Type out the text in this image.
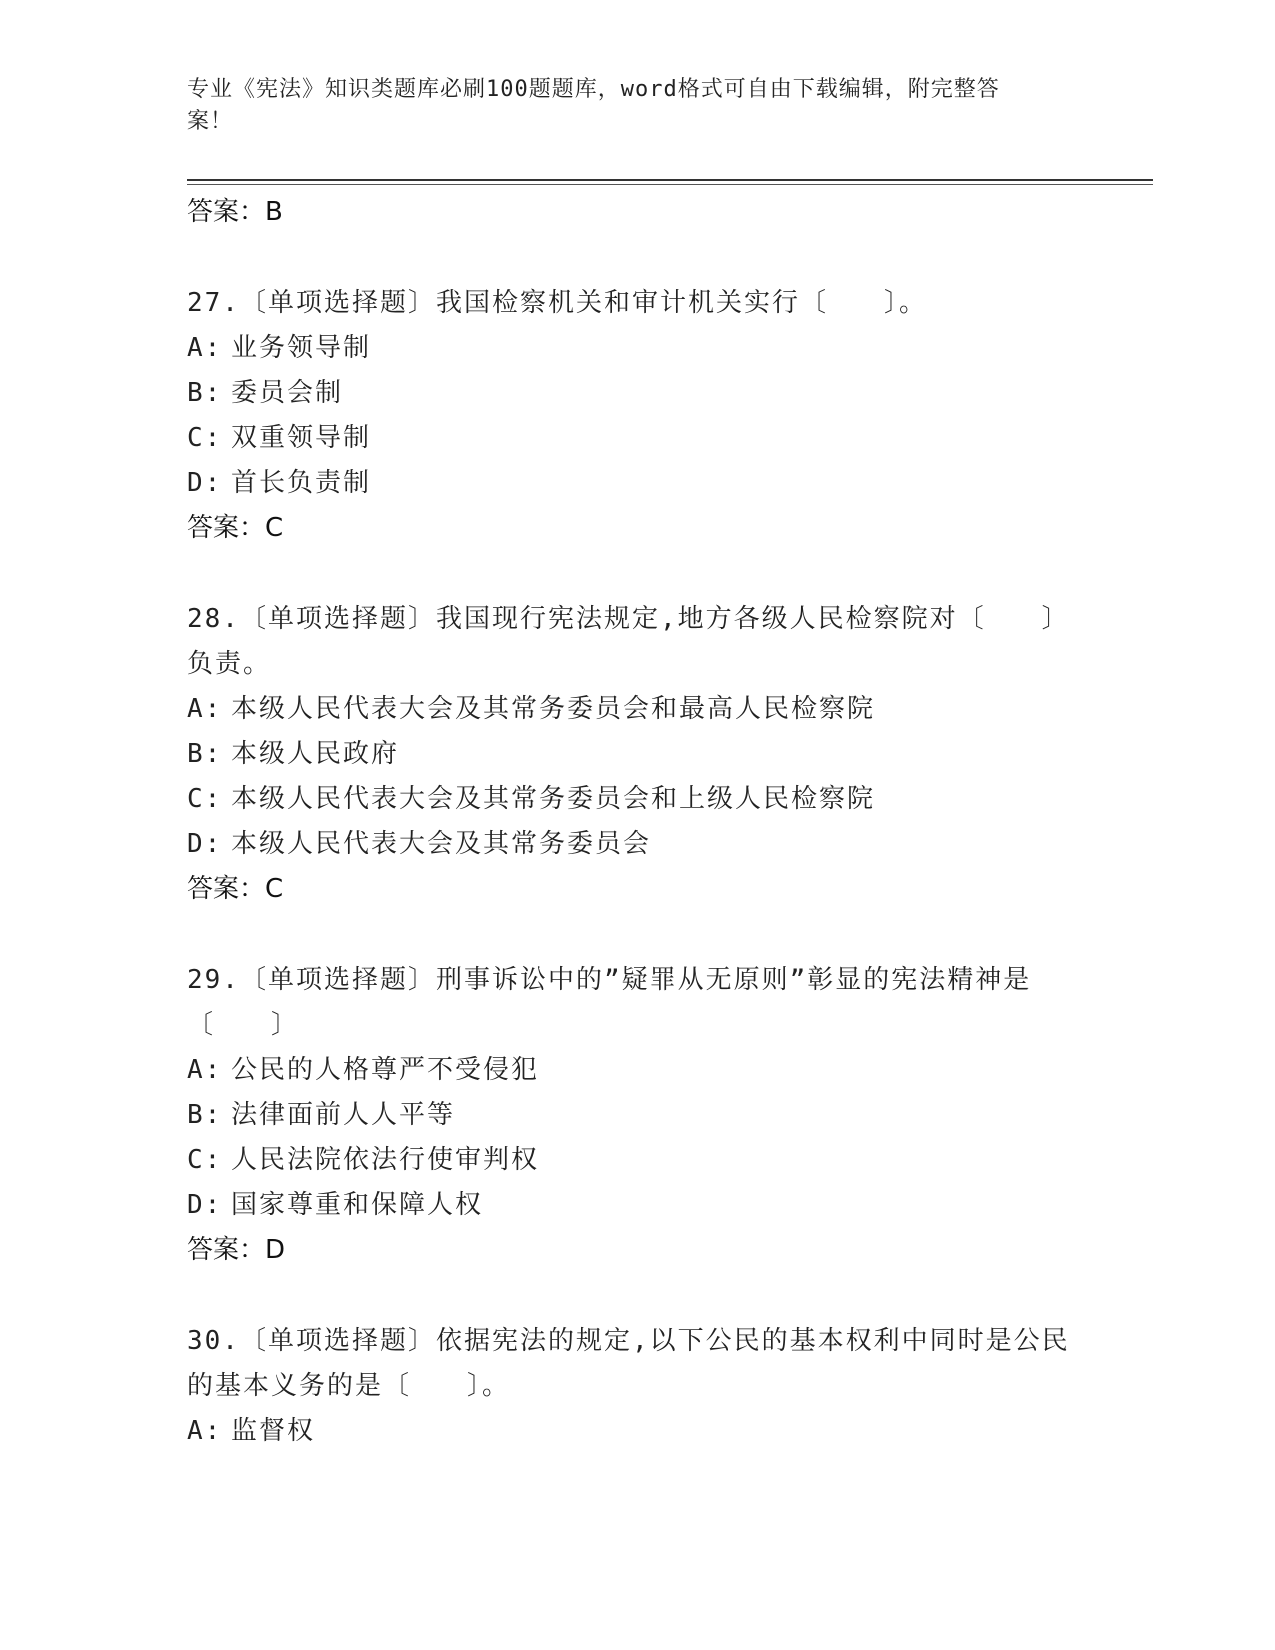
专业《宪法》知识类题库必刷100题题库，word格式可自由下载编辑，附完整答
案！
答案：B
27.〔单项选择题〕我国检察机关和审计机关实行〔　　〕。
A: 业务领导制
B: 委员会制
C: 双重领导制
D: 首长负责制
答案：C
28.〔单项选择题〕我国现行宪法规定,地方各级人民检察院对〔　　〕负责。
A: 本级人民代表大会及其常务委员会和最高人民检察院
B: 本级人民政府
C: 本级人民代表大会及其常务委员会和上级人民检察院
D: 本级人民代表大会及其常务委员会
答案：C
29.〔单项选择题〕刑事诉讼中的”疑罪从无原则”彰显的宪法精神是〔　　〕
A: 公民的人格尊严不受侵犯
B: 法律面前人人平等
C: 人民法院依法行使审判权
D: 国家尊重和保障人权
答案：D
30.〔单项选择题〕依据宪法的规定,以下公民的基本权利中同时是公民的基本义务的是〔　　〕。
A: 监督权
